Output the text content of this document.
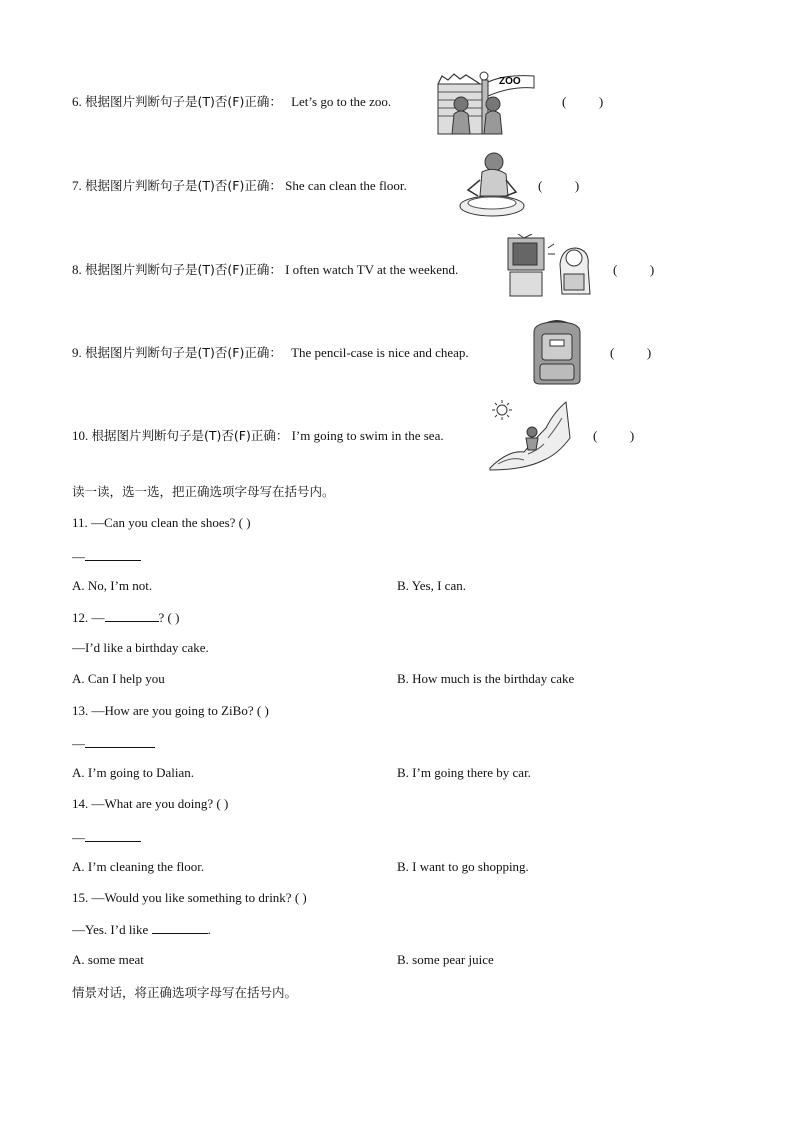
6. 根据图片判断句子是(T)否(F)正确： Let’s go to the zoo.	(          )
ZOO
7. 根据图片判断句子是(T)否(F)正确： She can clean the floor.	(          )
8. 根据图片判断句子是(T)否(F)正确： I often watch TV at the weekend.	(          )
9. 根据图片判断句子是(T)否(F)正确： The pencil-case is nice and cheap.	(          )
10. 根据图片判断句子是(T)否(F)正确： I’m going to swim in the sea.	(          )
读一读，选一选，把正确选项字母写在括号内。
11. —Can you clean the shoes? ( )
—
A. No, I’m not.	B. Yes, I can.
12. —	? ( )
—I’d like a birthday cake.
A. Can I help you	B. How much is the birthday cake
13. —How are you going to ZiBo? ( )
—
A. I’m going to Dalian.	B. I’m going there by car.
14. —What are you doing? ( )
—
A. I’m cleaning the floor.	B. I want to go shopping.
15. —Would you like something to drink? ( )
—Yes. I’d like	.
A. some meat	B. some pear juice
情景对话，将正确选项字母写在括号内。
